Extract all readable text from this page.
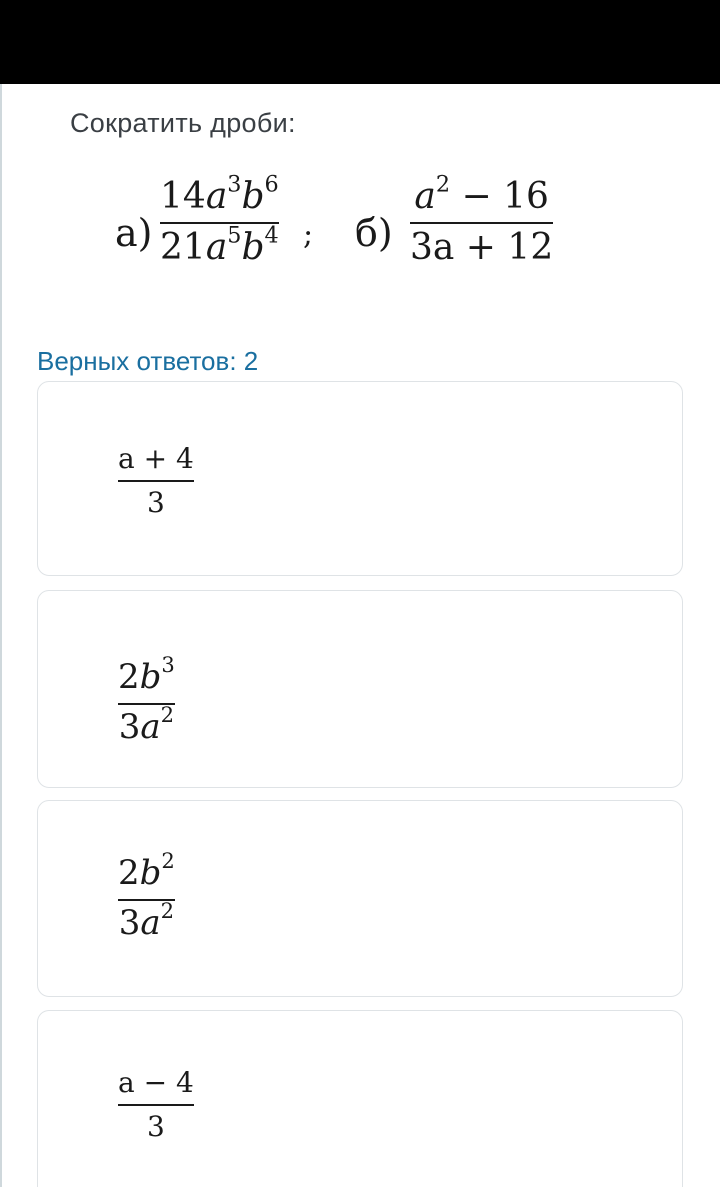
Сократить дроби:
а)
$14a^3b^6$
$21a^5b^4$ ; б)
$a^2 - 16$
3a + 12
Верных ответов: 2
a + 4
3
$2b^3$
$3a^2$
$2b^2$
$3a^2$
a − 4
3
